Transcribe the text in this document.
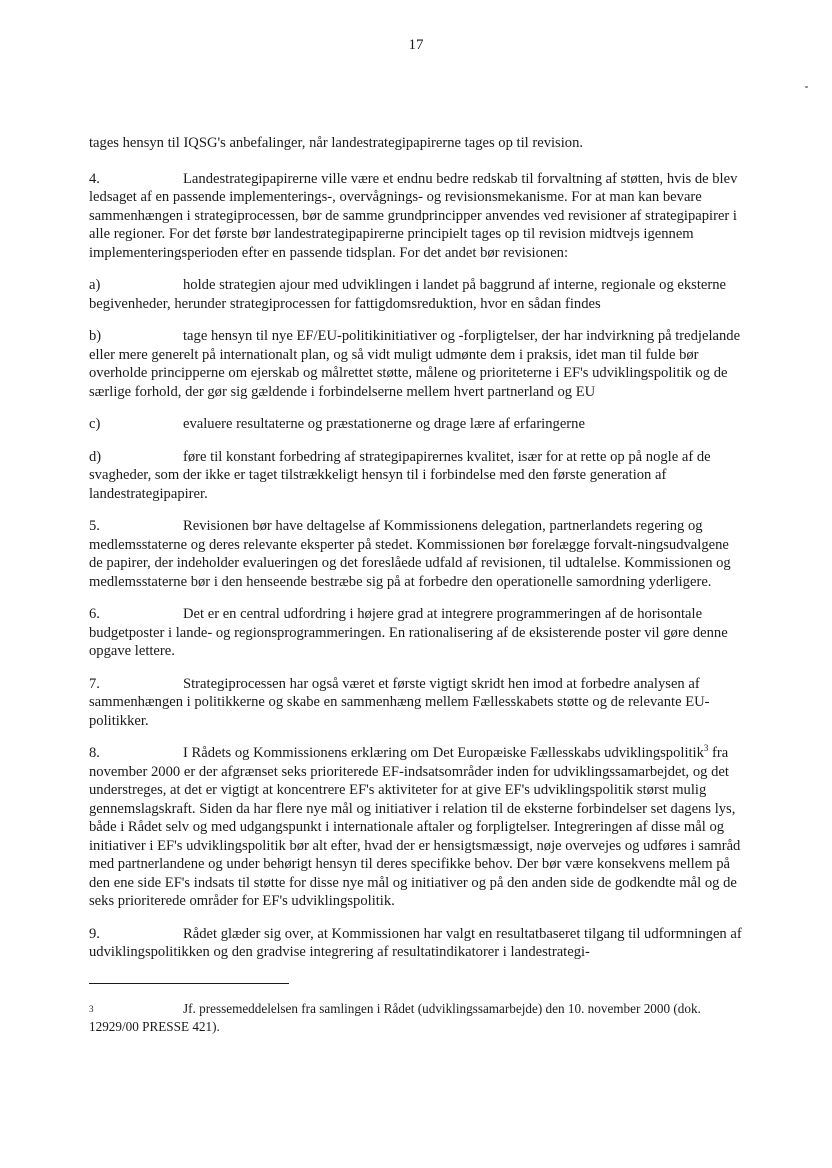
17

tages hensyn til IQSG's anbefalinger, når landestrategipapirerne tages op til revision.

4.	Landestrategipapirerne ville være et endnu bedre redskab til forvaltning af støtten, hvis de blev ledsaget af en passende implementerings-, overvågnings- og revisionsmekanisme. For at man kan bevare sammenhængen i strategiprocessen, bør de samme grundprincipper anvendes ved revisioner af strategipapirer i alle regioner. For det første bør landestrategipapirerne principielt tages op til revision midtvejs igennem implementeringsperioden efter en passende tidsplan. For det andet bør revisionen:

a)	holde strategien ajour med udviklingen i landet på baggrund af interne, regionale og eksterne begivenheder, herunder strategiprocessen for fattigdomsreduktion, hvor en sådan findes

b)	tage hensyn til nye EF/EU-politikinitiativer og -forpligtelser, der har indvirkning på tredjelande eller mere generelt på internationalt plan, og så vidt muligt udmønte dem i praksis, idet man til fulde bør overholde principperne om ejerskab og målrettet støtte, målene og prioriteterne i EF's udviklingspolitik og de særlige forhold, der gør sig gældende i forbindelserne mellem hvert partnerland og EU

c)	evaluere resultaterne og præstationerne og drage lære af erfaringerne

d)	føre til konstant forbedring af strategipapirernes kvalitet, især for at rette op på nogle af de svagheder, som der ikke er taget tilstrækkeligt hensyn til i forbindelse med den første generation af landestrategipapirer.

5.	Revisionen bør have deltagelse af Kommissionens delegation, partnerlandets regering og medlemsstaterne og deres relevante eksperter på stedet. Kommissionen bør forelægge forvalt-ningsudvalgene de papirer, der indeholder evalueringen og det foreslåede udfald af revisionen, til udtalelse. Kommissionen og medlemsstaterne bør i den henseende bestræbe sig på at forbedre den operationelle samordning yderligere.

6.	Det er en central udfordring i højere grad at integrere programmeringen af de horisontale budgetposter i lande- og regionsprogrammeringen. En rationalisering af de eksisterende poster vil gøre denne opgave lettere.

7.	Strategiprocessen har også været et første vigtigt skridt hen imod at forbedre analysen af sammenhængen i politikkerne og skabe en sammenhæng mellem Fællesskabets støtte og de relevante EU-politikker.

8.	I Rådets og Kommissionens erklæring om Det Europæiske Fællesskabs udviklingspolitik$^3$ fra november 2000 er der afgrænset seks prioriterede EF-indsatsområder inden for udviklingssamarbejdet, og det understreges, at det er vigtigt at koncentrere EF's aktiviteter for at give EF's udviklingspolitik størst mulig gennemslagskraft. Siden da har flere nye mål og initiativer i relation til de eksterne forbindelser set dagens lys, både i Rådet selv og med udgangspunkt i internationale aftaler og forpligtelser. Integreringen af disse mål og initiativer i EF's udviklingspolitik bør alt efter, hvad der er hensigtsmæssigt, nøje overvejes og udføres i samråd med partnerlandene og under behørigt hensyn til deres specifikke behov. Der bør være konsekvens mellem på den ene side EF's indsats til støtte for disse nye mål og initiativer og på den anden side de godkendte mål og de seks prioriterede områder for EF's udviklingspolitik.

9.	Rådet glæder sig over, at Kommissionen har valgt en resultatbaseret tilgang til udformningen af udviklingspolitikken og den gradvise integrering af resultatindikatorer i landestrategi-

3	Jf. pressemeddelelsen fra samlingen i Rådet (udviklingssamarbejde) den 10. november 2000 (dok. 12929/00 PRESSE 421).
